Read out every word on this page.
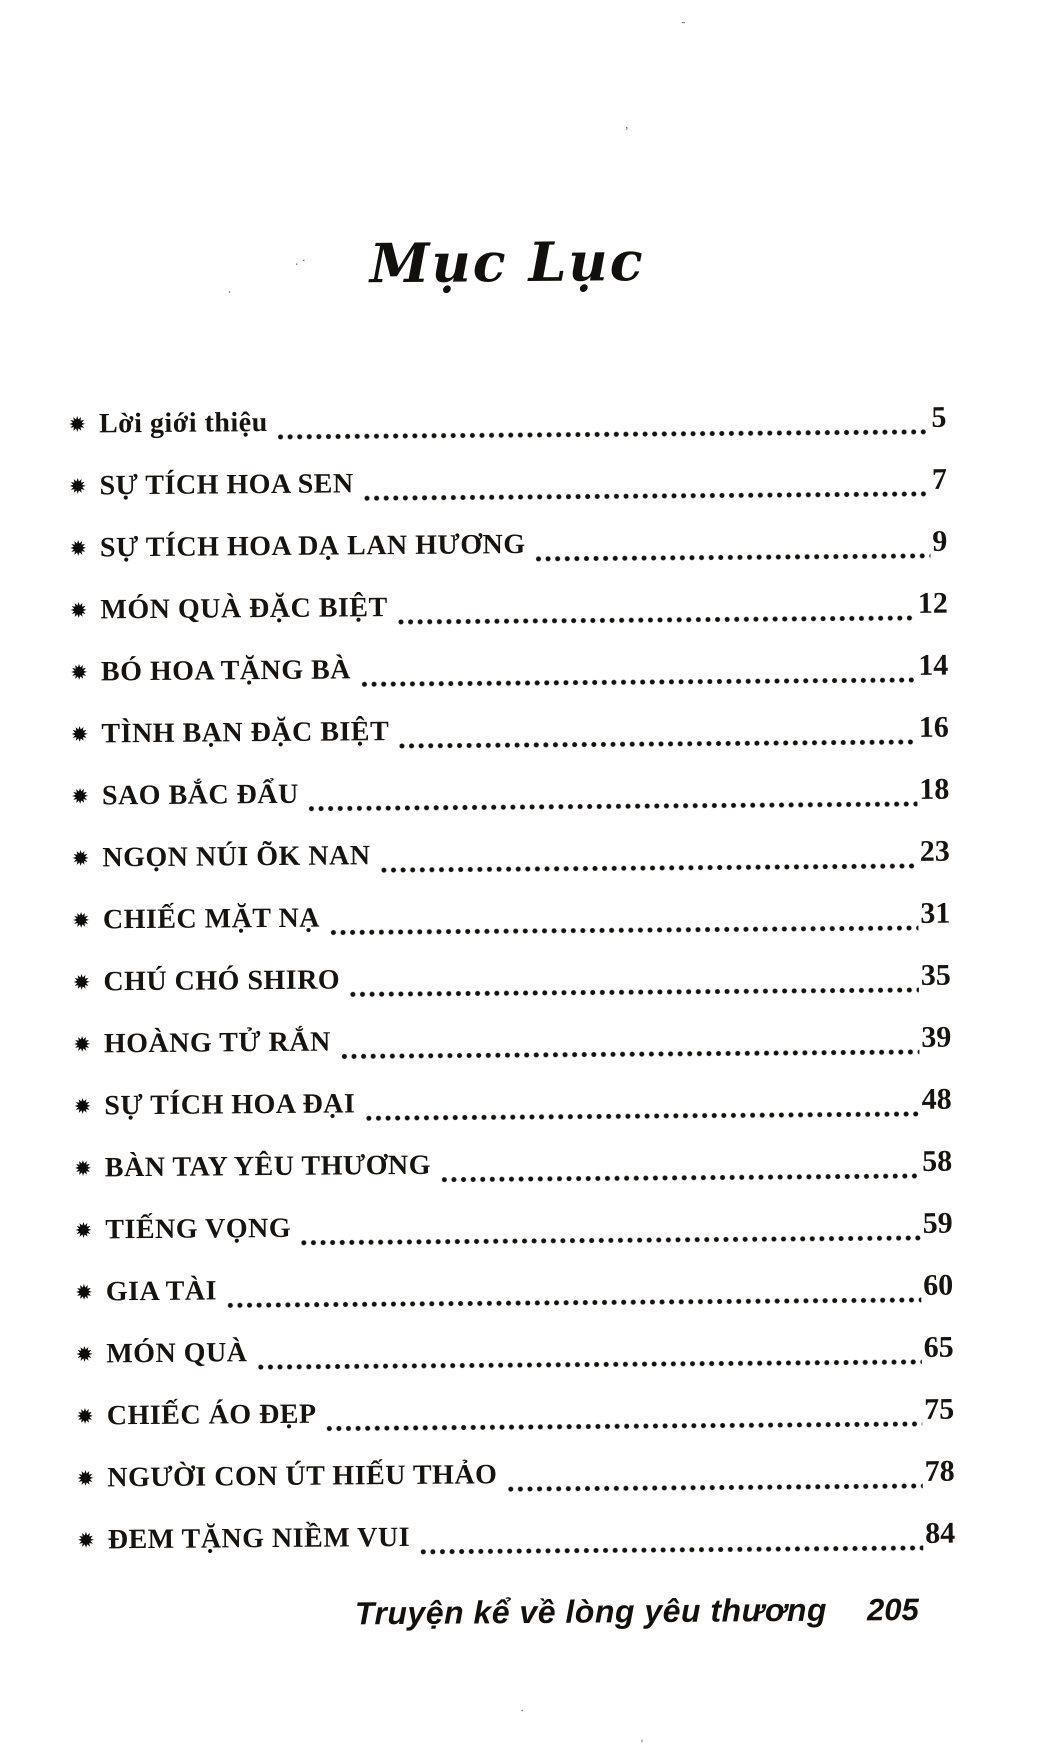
Mục Lục
✹ Lời giới thiệu	5
✹ SỰ TÍCH HOA SEN	7
✹ SỰ TÍCH HOA DẠ LAN HƯƠNG	9
✹ MÓN QUÀ ĐẶC BIỆT	12
✹ BÓ HOA TẶNG BÀ	14
✹ TÌNH BẠN ĐẶC BIỆT	16
✹ SAO BẮC ĐẨU	18
✹ NGỌN NÚI ÕK NAN	23
✹ CHIẾC MẶT NẠ	31
✹ CHÚ CHÓ SHIRO	35
✹ HOÀNG TỬ RẮN	39
✹ SỰ TÍCH HOA ĐẠI	48
✹ BÀN TAY YÊU THƯƠNG	58
✹ TIẾNG VỌNG	59
✹ GIA TÀI	60
✹ MÓN QUÀ	65
✹ CHIẾC ÁO ĐẸP	75
✹ NGƯỜI CON ÚT HIẾU THẢO	78
✹ ĐEM TẶNG NIỀM VUI	84
Truyện kể về lòng yêu thương 205
-
,
. ·
·
.
'
